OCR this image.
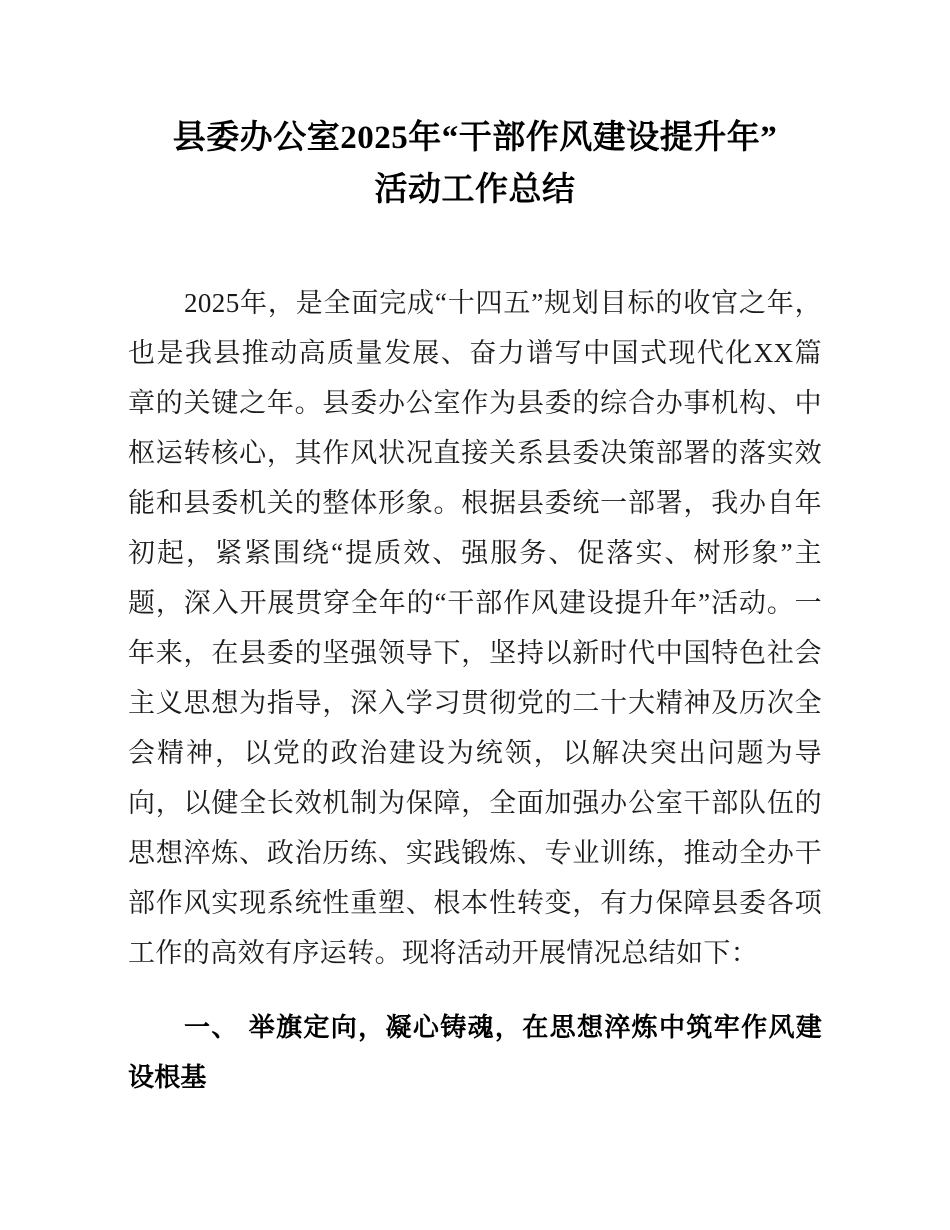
县委办公室2025年“干部作风建设提升年”
活动工作总结

2025年，是全面完成“十四五”规划目标的收官之年，也是我县推动高质量发展、奋力谱写中国式现代化XX篇章的关键之年。县委办公室作为县委的综合办事机构、中枢运转核心，其作风状况直接关系县委决策部署的落实效能和县委机关的整体形象。根据县委统一部署，我办自年初起，紧紧围绕“提质效、强服务、促落实、树形象”主题，深入开展贯穿全年的“干部作风建设提升年”活动。一年来，在县委的坚强领导下，坚持以新时代中国特色社会主义思想为指导，深入学习贯彻党的二十大精神及历次全会精神，以党的政治建设为统领，以解决突出问题为导向，以健全长效机制为保障，全面加强办公室干部队伍的思想淬炼、政治历练、实践锻炼、专业训练，推动全办干部作风实现系统性重塑、根本性转变，有力保障县委各项工作的高效有序运转。现将活动开展情况总结如下：

一、 举旗定向，凝心铸魂，在思想淬炼中筑牢作风建设根基
